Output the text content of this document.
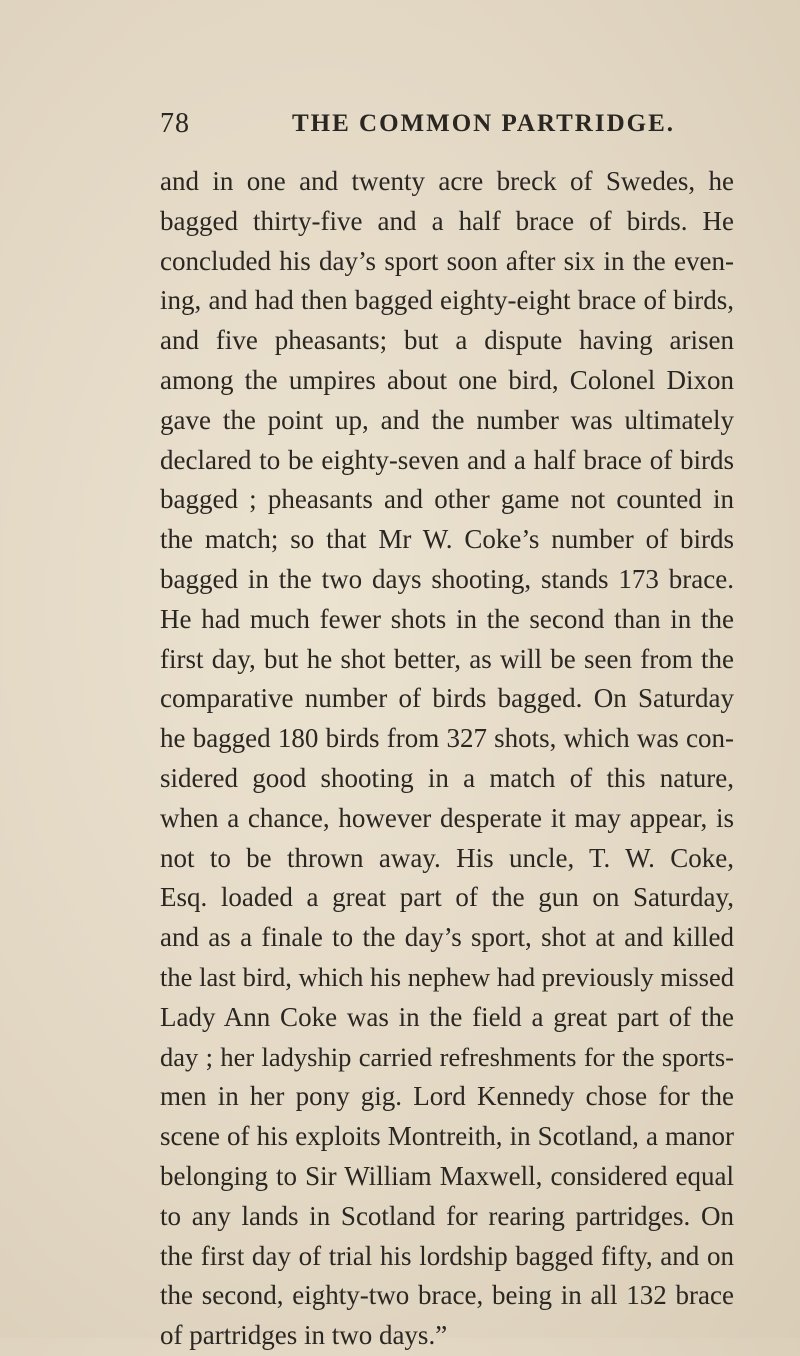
78	THE COMMON PARTRIDGE.
and in one and twenty acre breck of Swedes, he
bagged thirty-five and a half brace of birds. He
concluded his day’s sport soon after six in the even-
ing, and had then bagged eighty-eight brace of birds,
and five pheasants; but a dispute having arisen
among the umpires about one bird, Colonel Dixon
gave the point up, and the number was ultimately
declared to be eighty-seven and a half brace of birds
bagged ; pheasants and other game not counted in
the match; so that Mr W. Coke’s number of birds
bagged in the two days shooting, stands 173 brace.
He had much fewer shots in the second than in the
first day, but he shot better, as will be seen from the
comparative number of birds bagged. On Saturday
he bagged 180 birds from 327 shots, which was con-
sidered good shooting in a match of this nature,
when a chance, however desperate it may appear, is
not to be thrown away. His uncle, T. W. Coke,
Esq. loaded a great part of the gun on Saturday,
and as a finale to the day’s sport, shot at and killed
the last bird, which his nephew had previously missed
Lady Ann Coke was in the field a great part of the
day ; her ladyship carried refreshments for the sports-
men in her pony gig. Lord Kennedy chose for the
scene of his exploits Montreith, in Scotland, a manor
belonging to Sir William Maxwell, considered equal
to any lands in Scotland for rearing partridges. On
the first day of trial his lordship bagged fifty, and on
the second, eighty-two brace, being in all 132 brace
of partridges in two days.”
